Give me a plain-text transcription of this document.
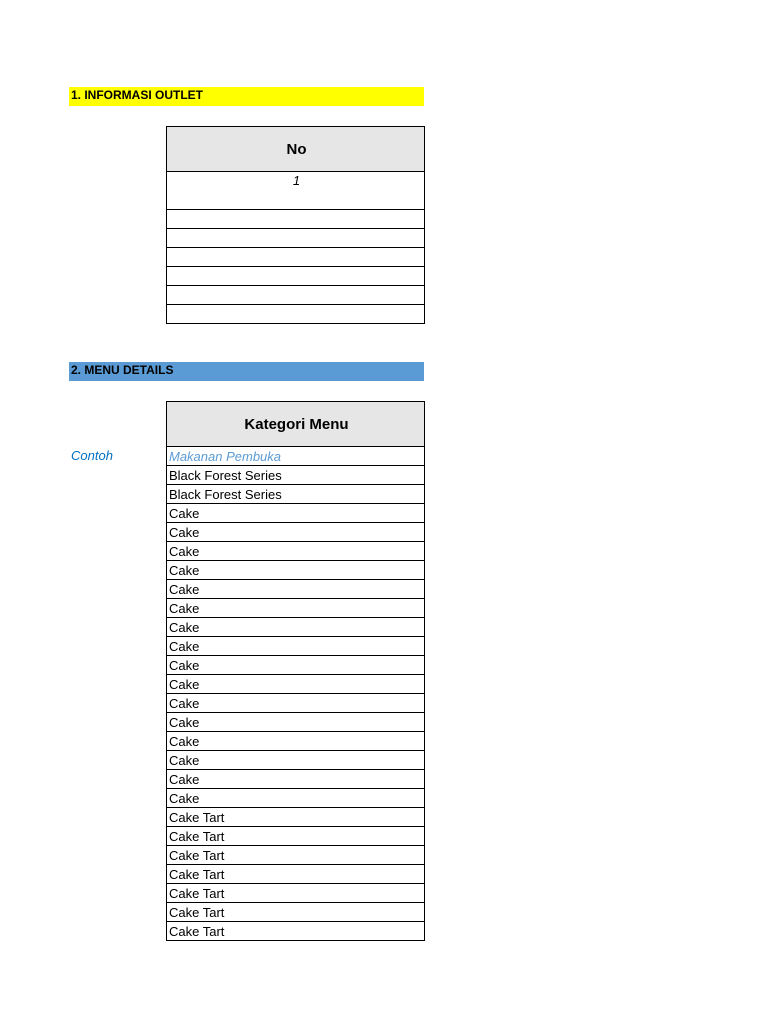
1. INFORMASI OUTLET
No
1

2. MENU DETAILS
Contoh
Kategori Menu
Makanan Pembuka
Black Forest Series
Black Forest Series
Cake
Cake
Cake
Cake
Cake
Cake
Cake
Cake
Cake
Cake
Cake
Cake
Cake
Cake
Cake
Cake
Cake Tart
Cake Tart
Cake Tart
Cake Tart
Cake Tart
Cake Tart
Cake Tart
